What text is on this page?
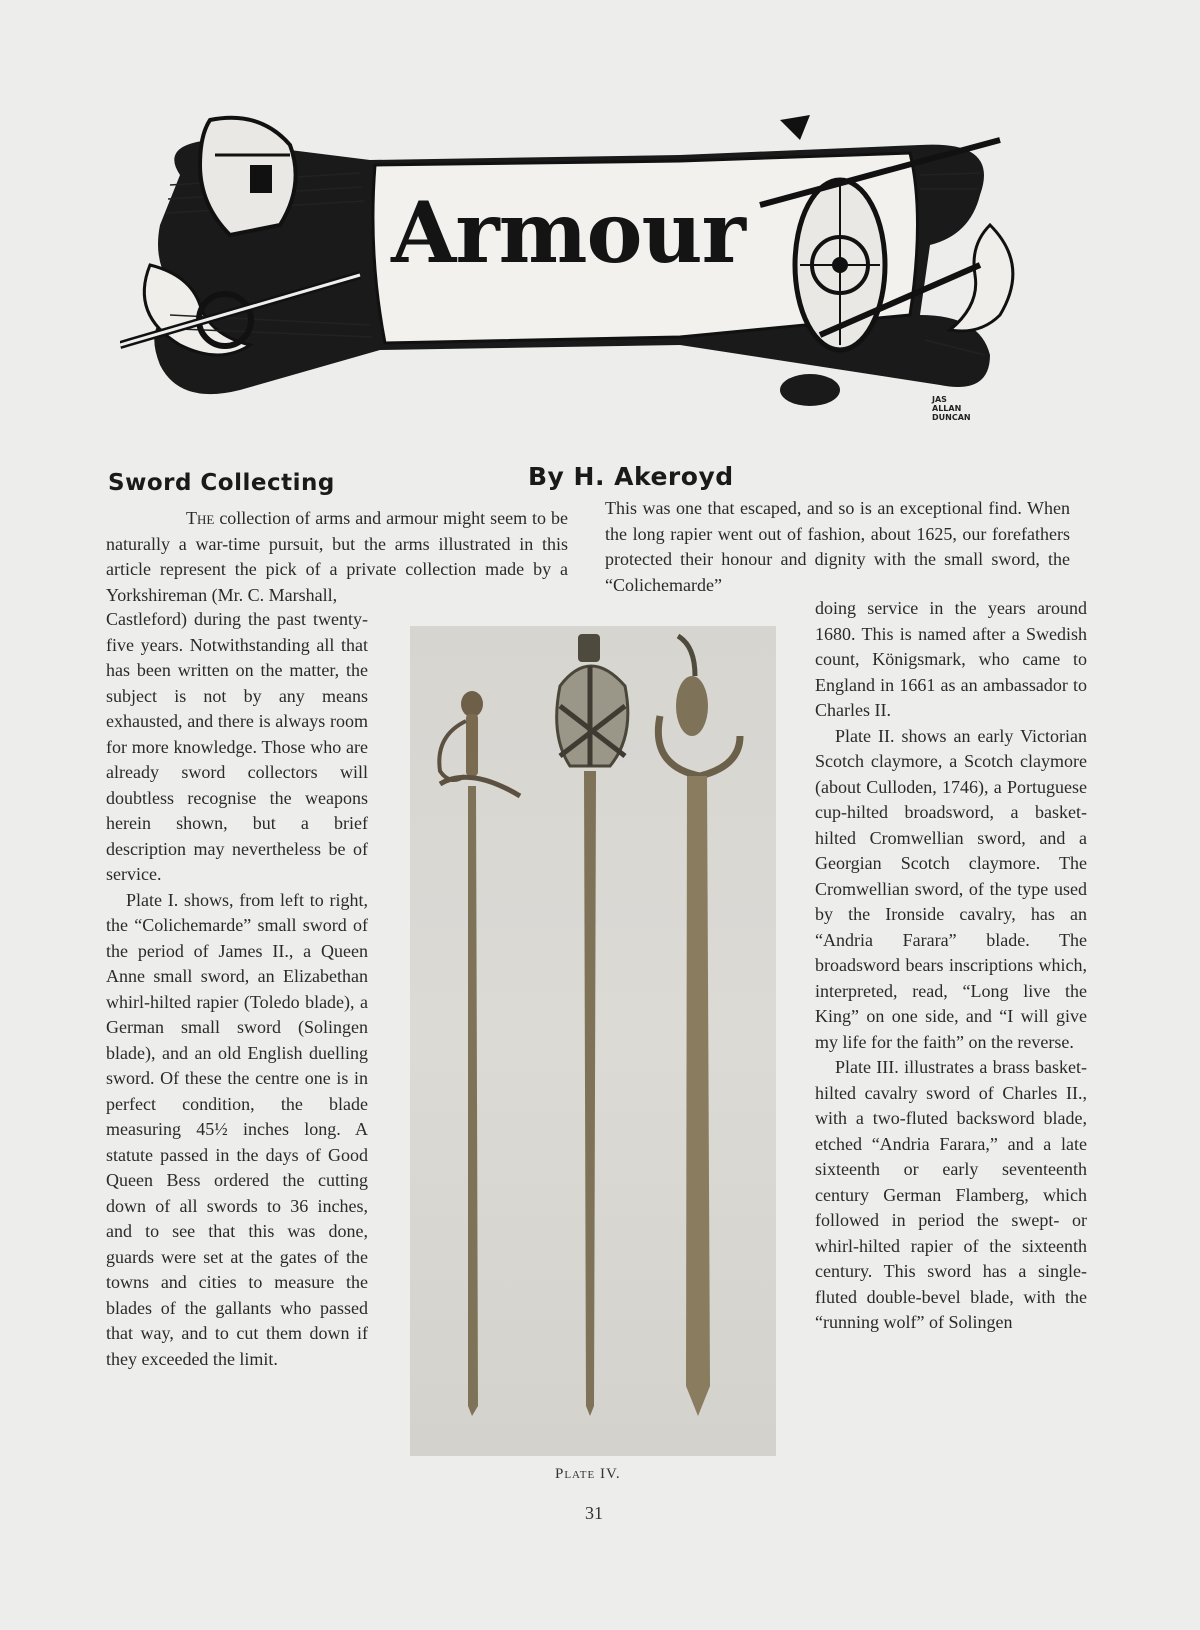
Armour
JAS
ALLAN
DUNCAN
Sword Collecting	By H. Akeroyd

The collection of arms and armour might seem to be naturally a war-time pursuit, but the arms illustrated in this article represent the pick of a private collection made by a Yorkshireman (Mr. C. Marshall,

Castleford) during the past twenty-five years. Notwithstanding all that has been written on the matter, the subject is not by any means exhausted, and there is always room for more knowledge. Those who are already sword collectors will doubtless recognise the weapons herein shown, but a brief description may nevertheless be of service.

Plate I. shows, from left to right, the “Colichemarde” small sword of the period of James II., a Queen Anne small sword, an Elizabethan whirl-hilted rapier (Toledo blade), a German small sword (Solingen blade), and an old English duelling sword. Of these the centre one is in perfect condition, the blade measuring 45½ inches long. A statute passed in the days of Good Queen Bess ordered the cutting down of all swords to 36 inches, and to see that this was done, guards were set at the gates of the towns and cities to measure the blades of the gallants who passed that way, and to cut them down if they exceeded the limit.

This was one that escaped, and so is an exceptional find. When the long rapier went out of fashion, about 1625, our forefathers protected their honour and dignity with the small sword, the “Colichemarde”

doing service in the years around 1680. This is named after a Swedish count, Königsmark, who came to England in 1661 as an ambassador to Charles II.

Plate II. shows an early Victorian Scotch claymore, a Scotch claymore (about Culloden, 1746), a Portuguese cup-hilted broadsword, a basket-hilted Cromwellian sword, and a Georgian Scotch claymore. The Cromwellian sword, of the type used by the Ironside cavalry, has an “Andria Farara” blade. The broadsword bears inscriptions which, interpreted, read, “Long live the King” on one side, and “I will give my life for the faith” on the reverse.

Plate III. illustrates a brass basket-hilted cavalry sword of Charles II., with a two-fluted backsword blade, etched “Andria Farara,” and a late sixteenth or early seventeenth century German Flamberg, which followed in period the swept- or whirl-hilted rapier of the sixteenth century. This sword has a single-fluted double-bevel blade, with the “running wolf” of Solingen

Plate IV.
31
